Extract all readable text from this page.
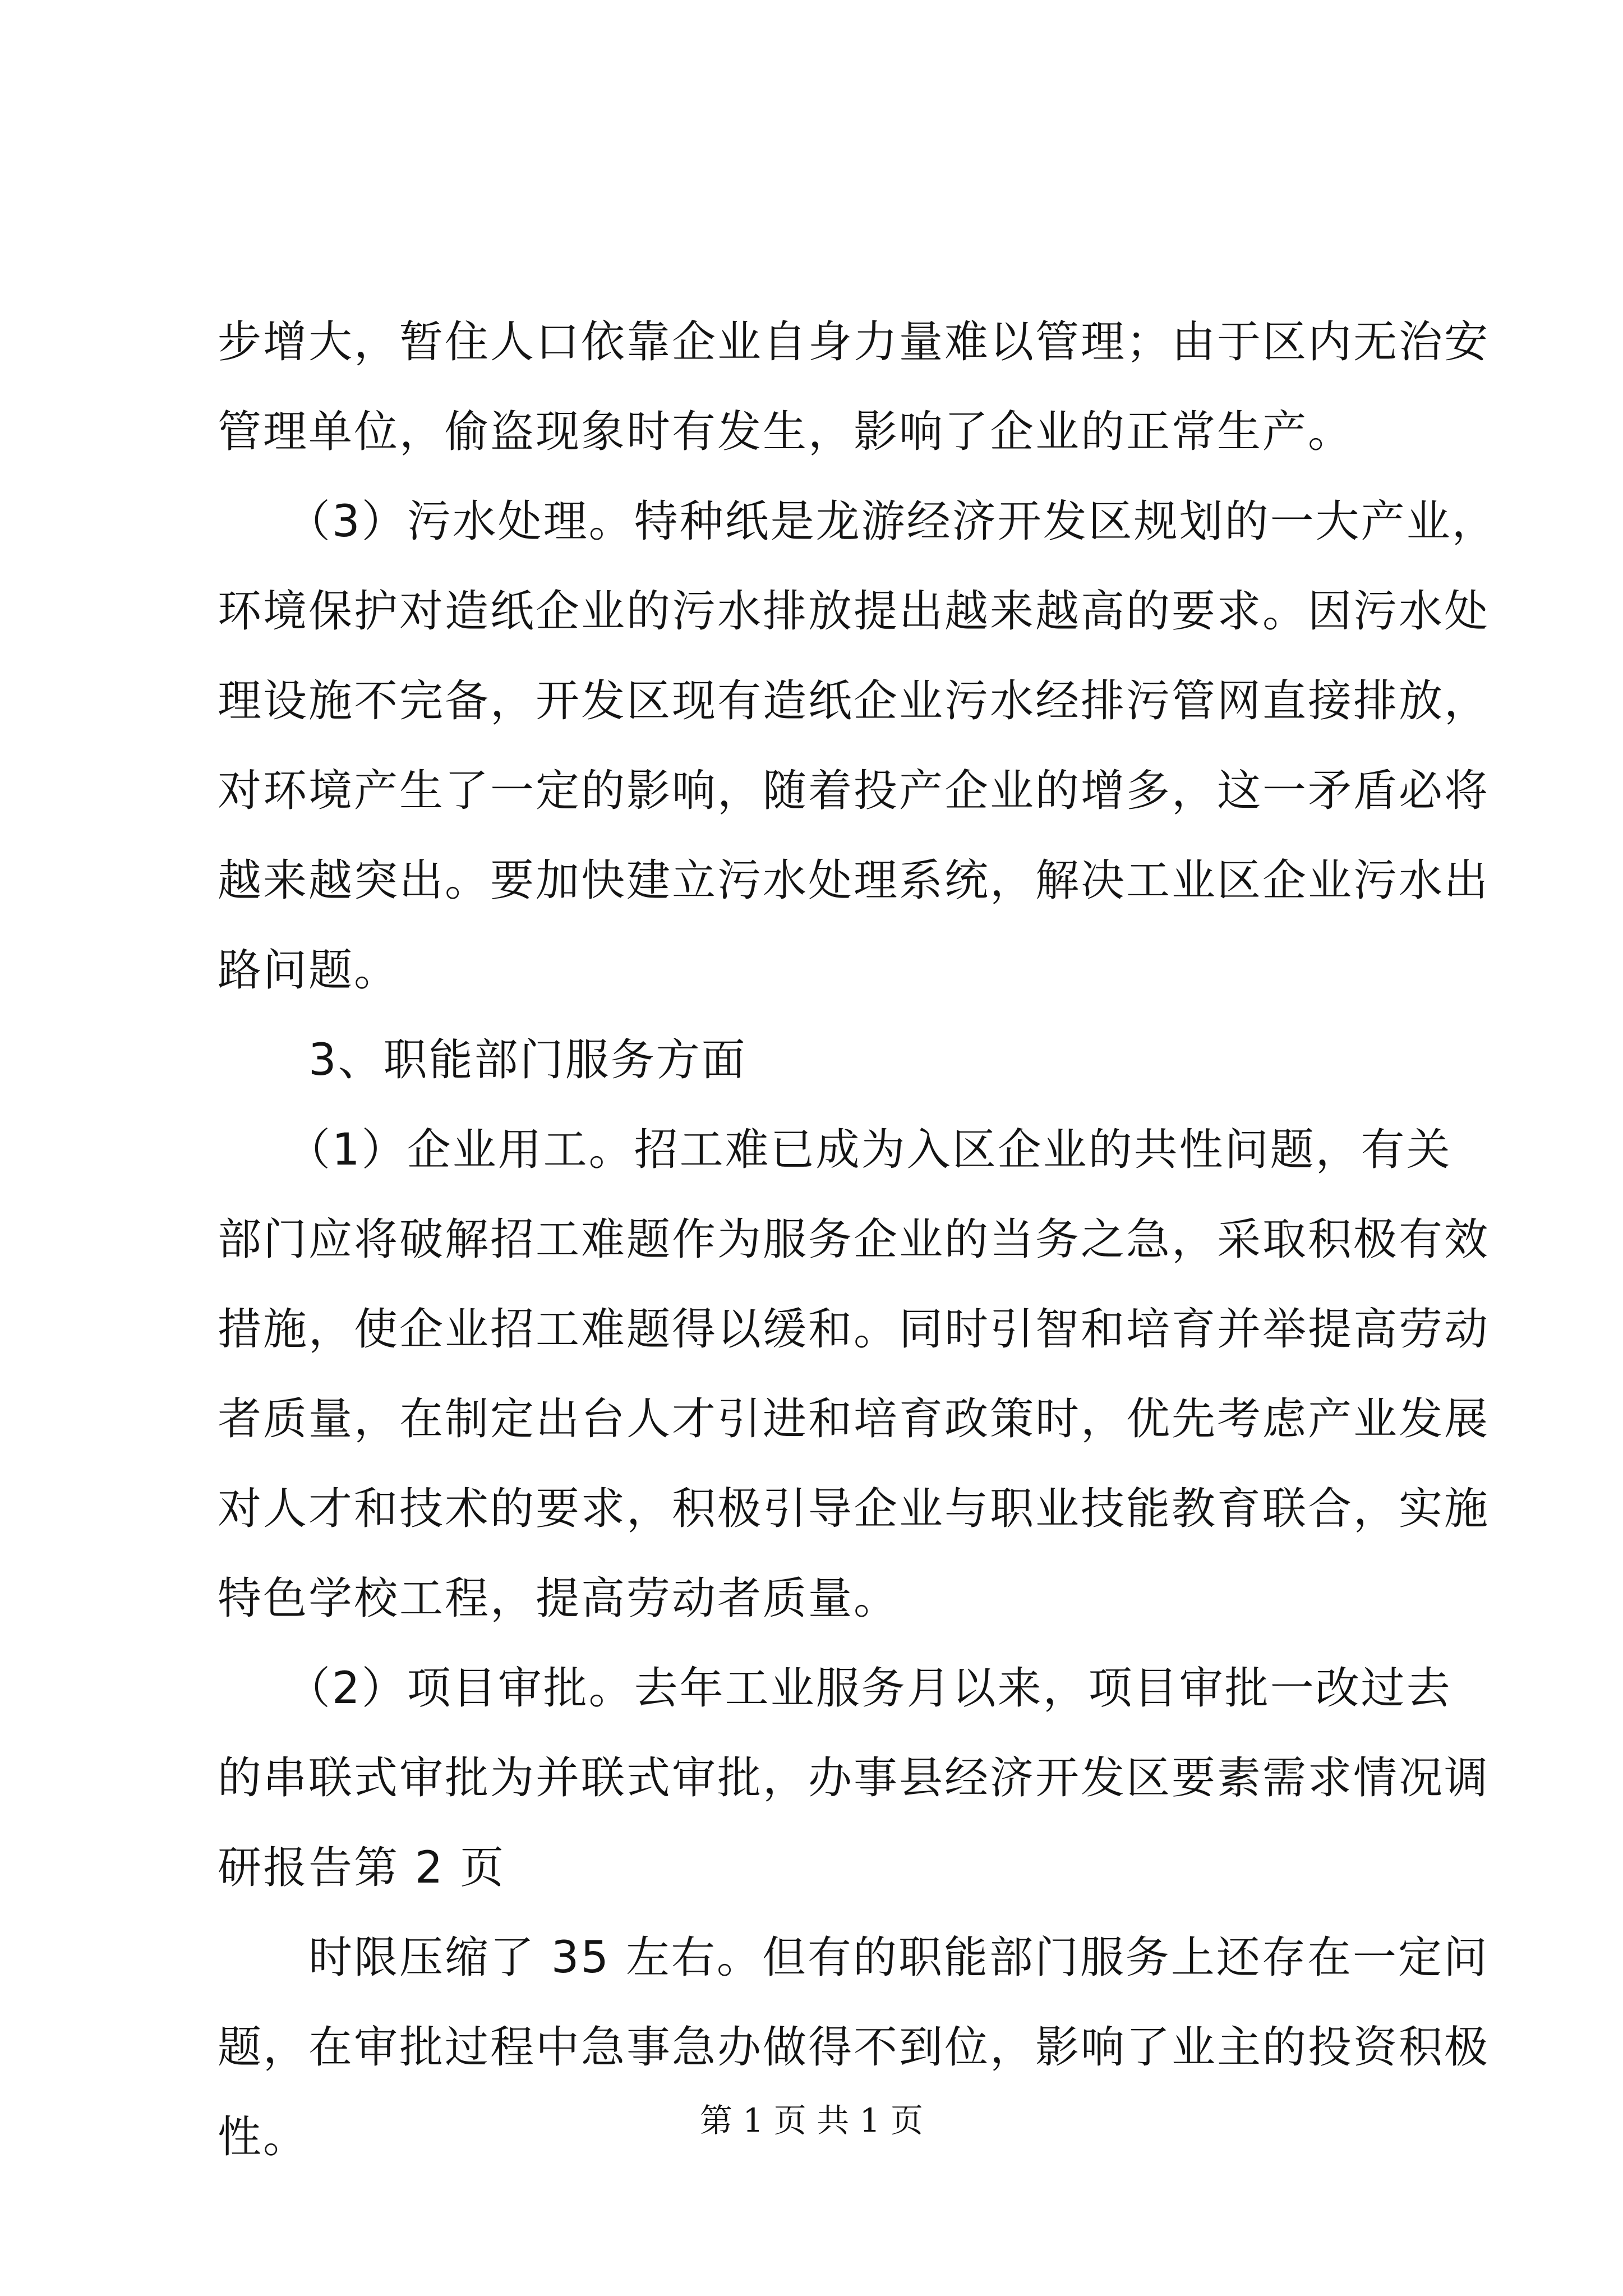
步增大，暂住人口依靠企业自身力量难以管理；由于区内无治安
管理单位，偷盗现象时有发生，影响了企业的正常生产。
　　（3）污水处理。特种纸是龙游经济开发区规划的一大产业，
环境保护对造纸企业的污水排放提出越来越高的要求。因污水处
理设施不完备，开发区现有造纸企业污水经排污管网直接排放，
对环境产生了一定的影响，随着投产企业的增多，这一矛盾必将
越来越突出。要加快建立污水处理系统，解决工业区企业污水出
路问题。
　　3、职能部门服务方面
　　（1）企业用工。招工难已成为入区企业的共性问题，有关
部门应将破解招工难题作为服务企业的当务之急，采取积极有效
措施，使企业招工难题得以缓和。同时引智和培育并举提高劳动
者质量，在制定出台人才引进和培育政策时，优先考虑产业发展
对人才和技术的要求，积极引导企业与职业技能教育联合，实施
特色学校工程，提高劳动者质量。
　　（2）项目审批。去年工业服务月以来，项目审批一改过去
的串联式审批为并联式审批，办事县经济开发区要素需求情况调
研报告第 2 页
　　时限压缩了 35 左右。但有的职能部门服务上还存在一定问
题，在审批过程中急事急办做得不到位，影响了业主的投资积极
性。	第 1 页 共 1 页
